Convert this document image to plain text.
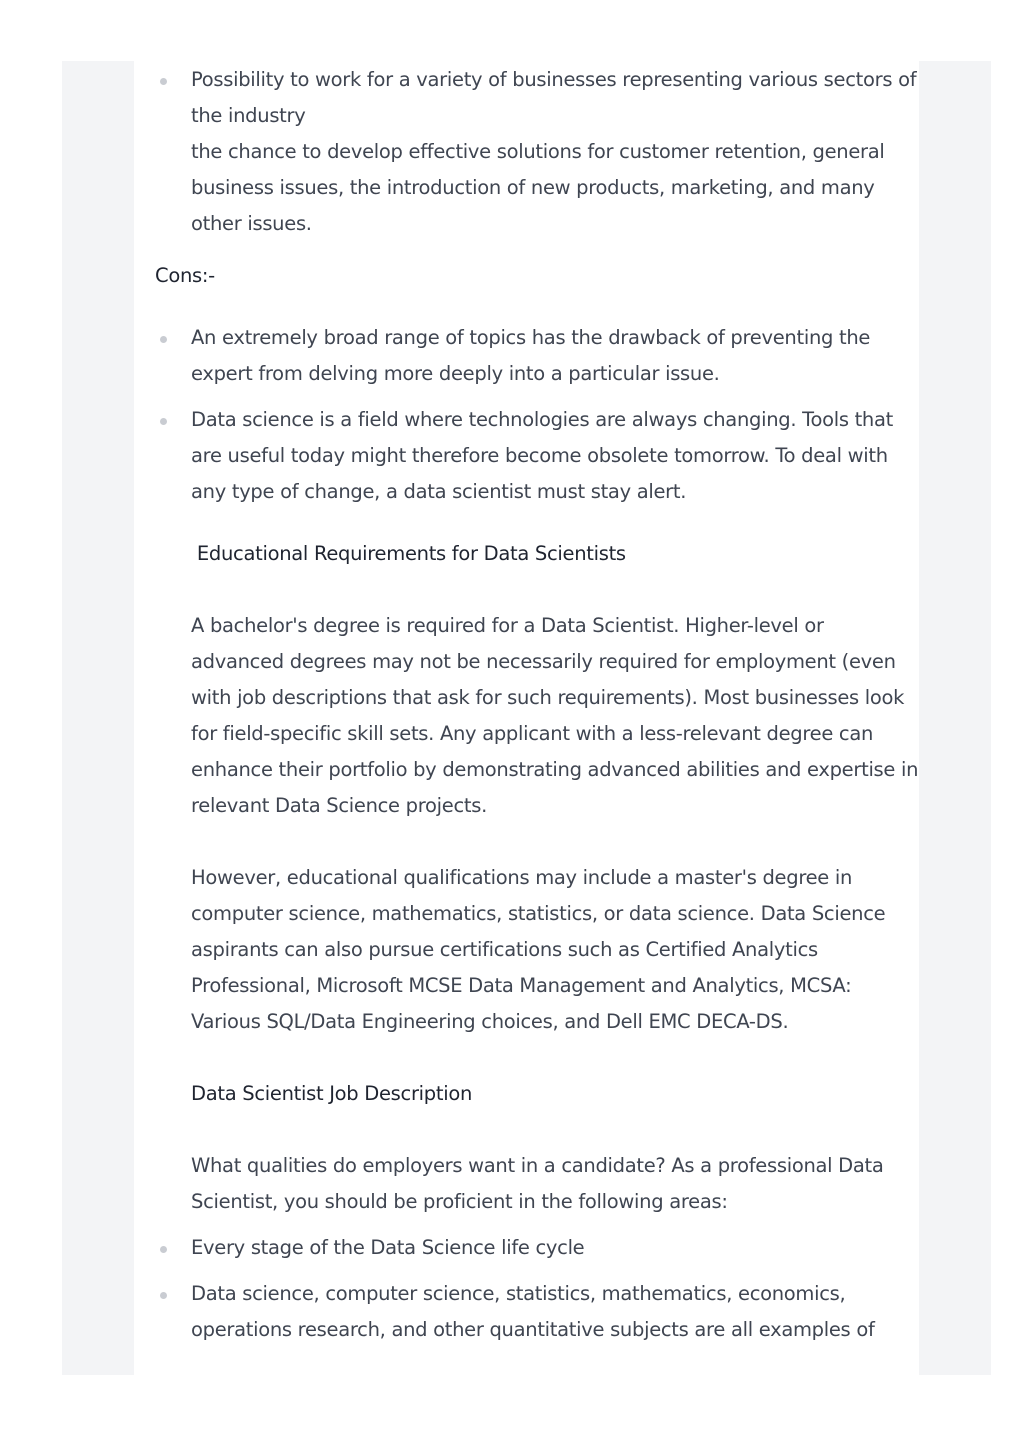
Possibility to work for a variety of businesses representing various sectors of the industry
the chance to develop effective solutions for customer retention, general business issues, the introduction of new products, marketing, and many other issues.
Cons:-
An extremely broad range of topics has the drawback of preventing the expert from delving more deeply into a particular issue.
Data science is a field where technologies are always changing. Tools that are useful today might therefore become obsolete tomorrow. To deal with any type of change, a data scientist must stay alert.
Educational Requirements for Data Scientists

A bachelor's degree is required for a Data Scientist. Higher-level or advanced degrees may not be necessarily required for employment (even with job descriptions that ask for such requirements). Most businesses look for field-specific skill sets. Any applicant with a less-relevant degree can enhance their portfolio by demonstrating advanced abilities and expertise in relevant Data Science projects.

However, educational qualifications may include a master's degree in computer science, mathematics, statistics, or data science. Data Science aspirants can also pursue certifications such as Certified Analytics Professional, Microsoft MCSE Data Management and Analytics, MCSA: Various SQL/Data Engineering choices, and Dell EMC DECA-DS.

Data Scientist Job Description

What qualities do employers want in a candidate? As a professional Data Scientist, you should be proficient in the following areas:

Every stage of the Data Science life cycle
Data science, computer science, statistics, mathematics, economics, operations research, and other quantitative subjects are all examples of
